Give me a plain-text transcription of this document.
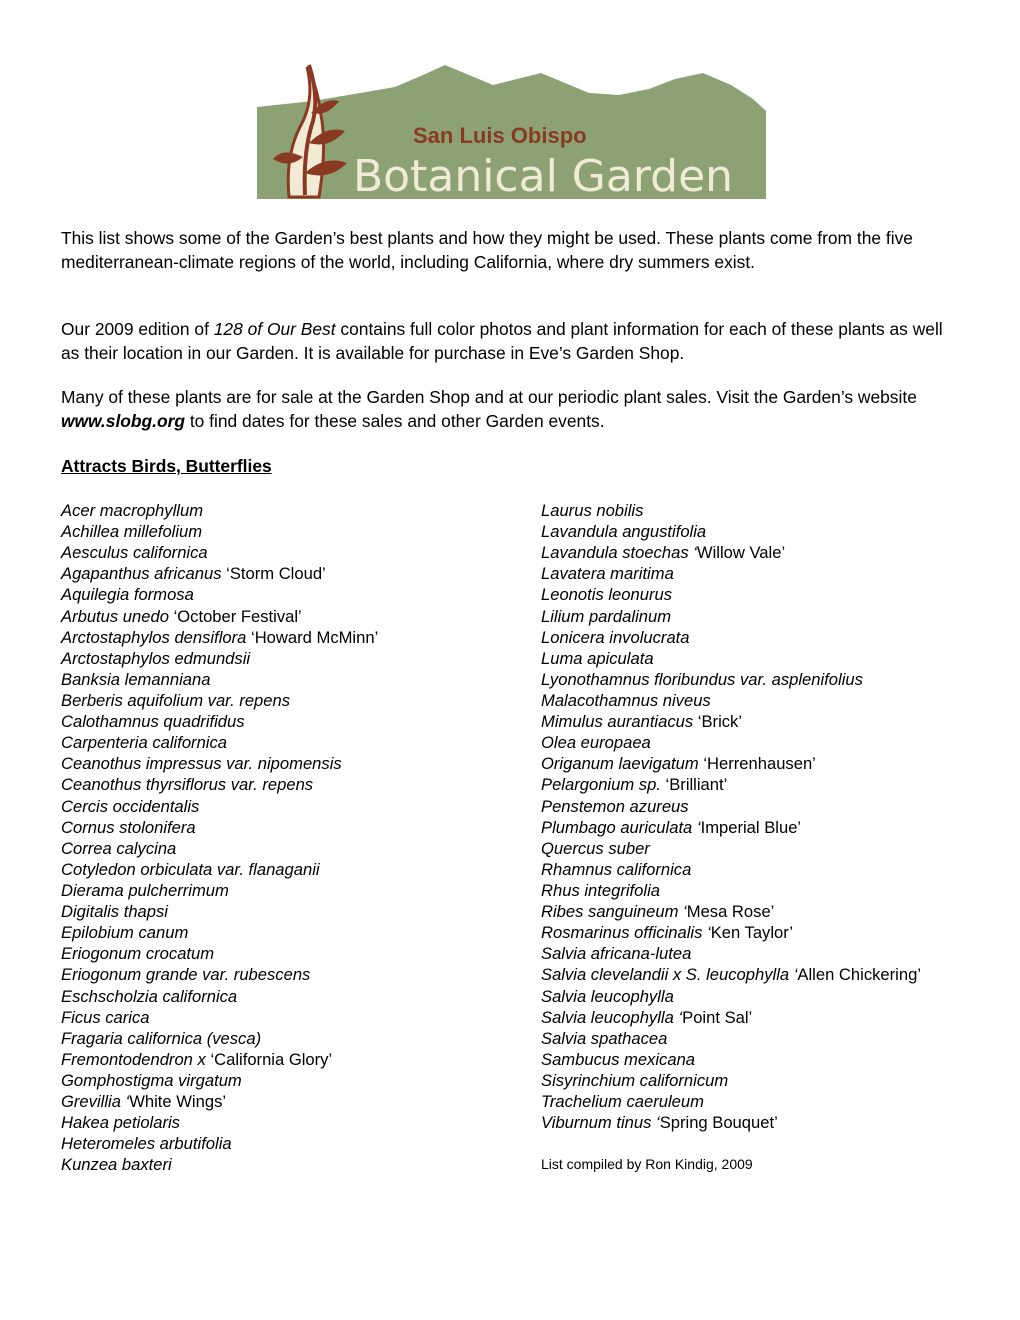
San Luis Obispo
Botanical Garden

This list shows some of the Garden’s best plants and how they might be used. These plants come from the five mediterranean-climate regions of the world, including California, where dry summers exist.

Our 2009 edition of 128 of Our Best contains full color photos and plant information for each of these plants as well as their location in our Garden. It is available for purchase in Eve’s Garden Shop.

Many of these plants are for sale at the Garden Shop and at our periodic plant sales. Visit the Garden’s website www.slobg.org to find dates for these sales and other Garden events.

Attracts Birds, Butterflies
Acer macrophyllum
Achillea millefolium
Aesculus californica
Agapanthus africanus ‘Storm Cloud’
Aquilegia formosa
Arbutus unedo ‘October Festival’
Arctostaphylos densiflora ‘Howard McMinn’
Arctostaphylos edmundsii
Banksia lemanniana
Berberis aquifolium var. repens
Calothamnus quadrifidus
Carpenteria californica
Ceanothus impressus var. nipomensis
Ceanothus thyrsiflorus var. repens
Cercis occidentalis
Cornus stolonifera
Correa calycina
Cotyledon orbiculata var. flanaganii
Dierama pulcherrimum
Digitalis thapsi
Epilobium canum
Eriogonum crocatum
Eriogonum grande var. rubescens
Eschscholzia californica
Ficus carica
Fragaria californica (vesca)
Fremontodendron x ‘California Glory’
Gomphostigma virgatum
Grevillia ‘White Wings’
Hakea petiolaris
Heteromeles arbutifolia
Kunzea baxteri
Laurus nobilis
Lavandula angustifolia
Lavandula stoechas ‘Willow Vale’
Lavatera maritima
Leonotis leonurus
Lilium pardalinum
Lonicera involucrata
Luma apiculata
Lyonothamnus floribundus var. asplenifolius
Malacothamnus niveus
Mimulus aurantiacus ‘Brick’
Olea europaea
Origanum laevigatum ‘Herrenhausen’
Pelargonium sp. ‘Brilliant’
Penstemon azureus
Plumbago auriculata ‘Imperial Blue’
Quercus suber
Rhamnus californica
Rhus integrifolia
Ribes sanguineum ‘Mesa Rose’
Rosmarinus officinalis ‘Ken Taylor’
Salvia africana-lutea
Salvia clevelandii x S. leucophylla ‘Allen Chickering’
Salvia leucophylla
Salvia leucophylla ‘Point Sal’
Salvia spathacea
Sambucus mexicana
Sisyrinchium californicum
Trachelium caeruleum
Viburnum tinus ‘Spring Bouquet’
List compiled by Ron Kindig, 2009
